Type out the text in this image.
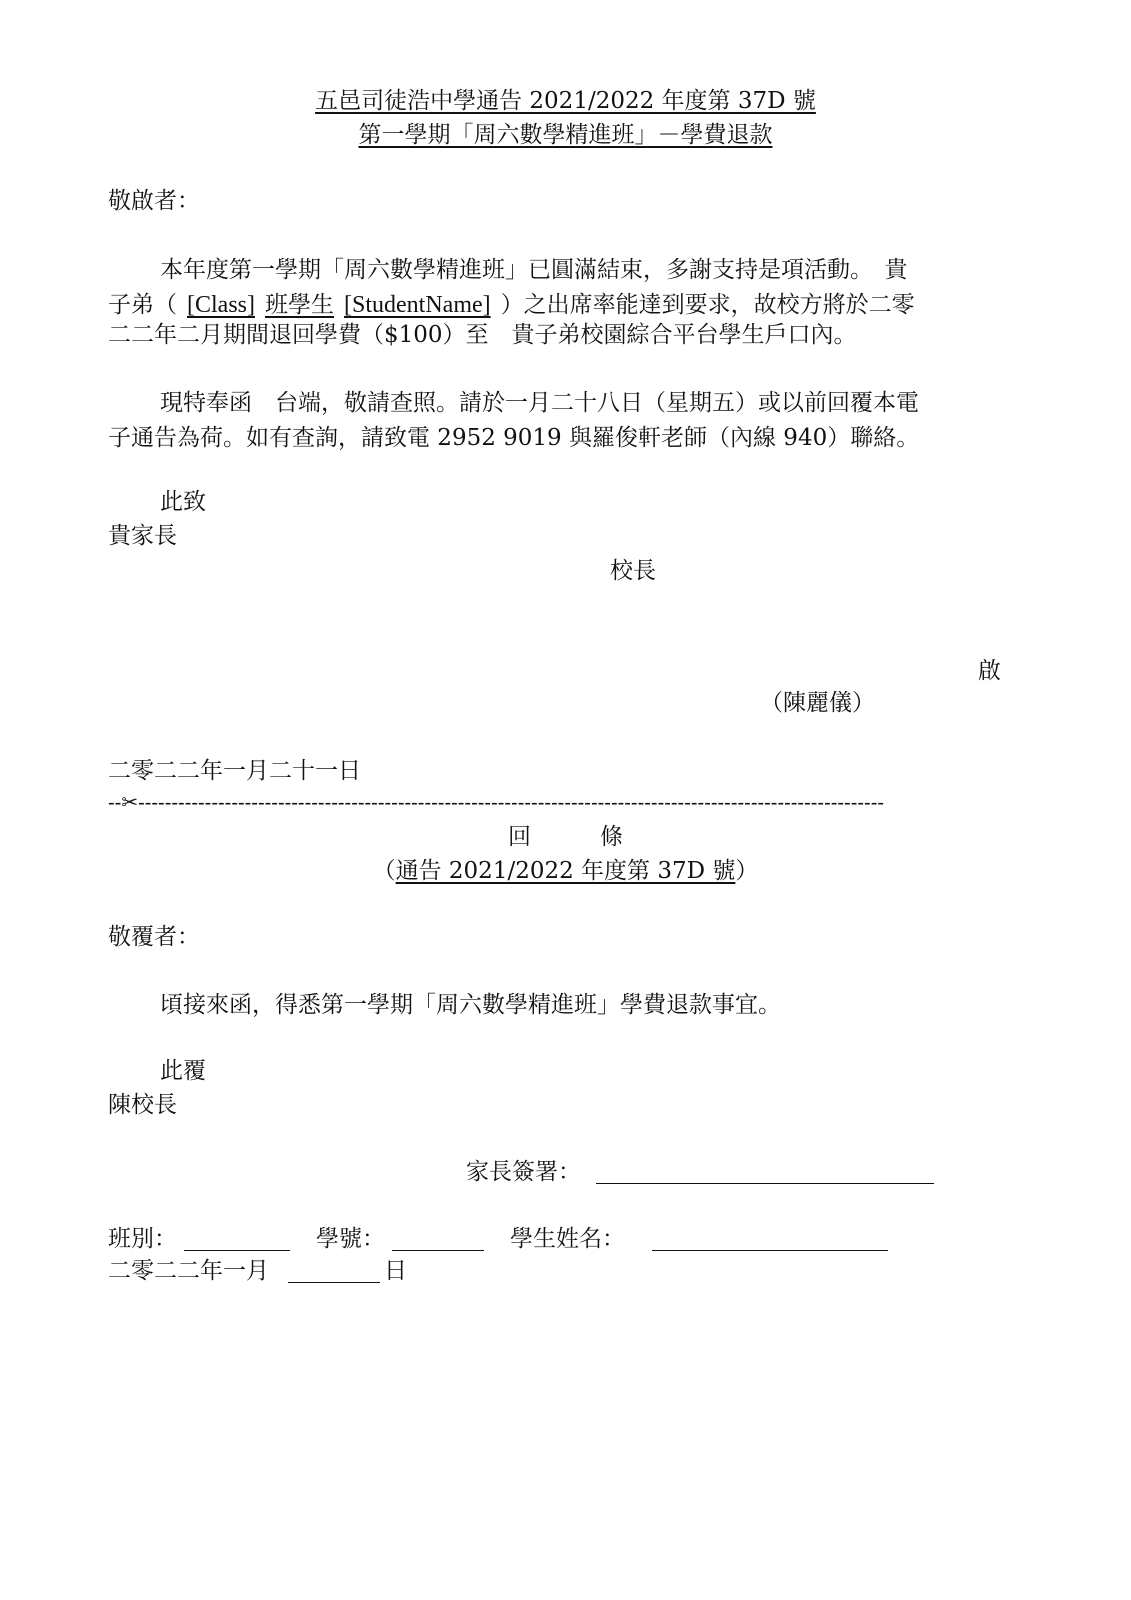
五邑司徒浩中學通告 2021/2022 年度第 37D 號
第一學期「周六數學精進班」－學費退款
敬啟者：
本年度第一學期「周六數學精進班」已圓滿結束，多謝支持是項活動。　貴
子弟（ [Class] 班學生 [StudentName] ）之出席率能達到要求，故校方將於二零
二二年二月期間退回學費（$100）至　貴子弟校園綜合平台學生戶口內。
現特奉函　台端，敬請查照。請於一月二十八日（星期五）或以前回覆本電
子通告為荷。如有查詢，請致電 2952 9019 與羅俊軒老師（內線 940）聯絡。
此致
貴家長
校長
啟
（陳麗儀）
二零二二年一月二十一日
--✂----------------------------------------------------------------------------------------------------------------
回　　　條
（通告 2021/2022 年度第 37D 號）
敬覆者：
頃接來函，得悉第一學期「周六數學精進班」學費退款事宜。
此覆
陳校長
家長簽署：
班別：	學號：	學生姓名：
二零二二年一月	日
